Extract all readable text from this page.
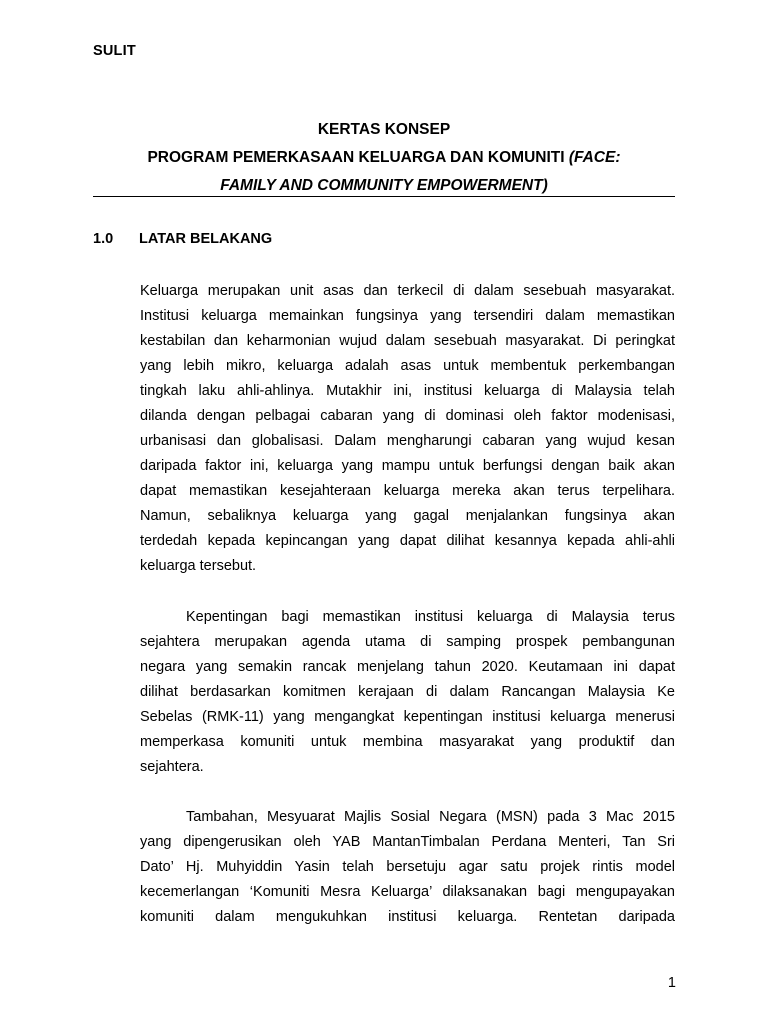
SULIT
KERTAS KONSEP
PROGRAM PEMERKASAAN KELUARGA DAN KOMUNITI (FACE:
FAMILY AND COMMUNITY EMPOWERMENT)
1.0 LATAR BELAKANG
Keluarga merupakan unit asas dan terkecil di dalam sesebuah masyarakat.
Institusi keluarga memainkan fungsinya yang tersendiri dalam memastikan
kestabilan dan keharmonian wujud dalam sesebuah masyarakat. Di peringkat
yang lebih mikro, keluarga adalah asas untuk membentuk perkembangan
tingkah laku ahli-ahlinya. Mutakhir ini, institusi keluarga di Malaysia telah
dilanda dengan pelbagai cabaran yang di dominasi oleh faktor modenisasi,
urbanisasi dan globalisasi. Dalam mengharungi cabaran yang wujud kesan
daripada faktor ini, keluarga yang mampu untuk berfungsi dengan baik akan
dapat memastikan kesejahteraan keluarga mereka akan terus terpelihara.
Namun, sebaliknya keluarga yang gagal menjalankan fungsinya akan
terdedah kepada kepincangan yang dapat dilihat kesannya kepada ahli-ahli
keluarga tersebut.
Kepentingan bagi memastikan institusi keluarga di Malaysia terus
sejahtera merupakan agenda utama di samping prospek pembangunan
negara yang semakin rancak menjelang tahun 2020. Keutamaan ini dapat
dilihat berdasarkan komitmen kerajaan di dalam Rancangan Malaysia Ke
Sebelas (RMK-11) yang mengangkat kepentingan institusi keluarga menerusi
memperkasa komuniti untuk membina masyarakat yang produktif dan
sejahtera.
Tambahan, Mesyuarat Majlis Sosial Negara (MSN) pada 3 Mac 2015
yang dipengerusikan oleh YAB MantanTimbalan Perdana Menteri, Tan Sri
Dato’ Hj. Muhyiddin Yasin telah bersetuju agar satu projek rintis model
kecemerlangan ‘Komuniti Mesra Keluarga’ dilaksanakan bagi mengupayakan
komuniti dalam mengukuhkan institusi keluarga. Rentetan daripada
1
